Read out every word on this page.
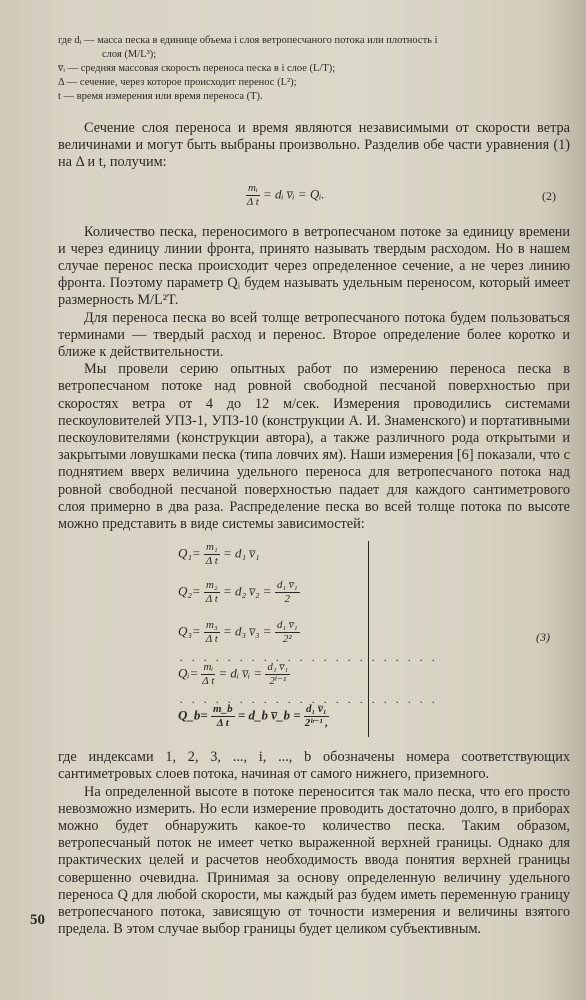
где dᵢ — масса песка в единице объема i слоя ветропесчаного потока или плотность i

слоя (M/L³);

v̅ᵢ — средняя массовая скорость переноса песка в i слое (L/T);

Δ — сечение, через которое происходит перенос (L²);

t — время измерения или время переноса (T).

Сечение слоя переноса и время являются независимыми от скорости ветра величинами и могут быть выбраны произвольно. Разделив обе части уравнения (1) на Δ и t, получим:

$\frac{\text{mᵢ}}{\text{Δ t}}$ = dᵢ v̅ᵢ = Qᵢ.	(2)

Количество песка, переносимого в ветропесчаном потоке за единицу времени и через единицу линии фронта, принято называть твердым расходом. Но в нашем случае перенос песка происходит через определенное сечение, а не через линию фронта. Поэтому параметр Qᵢ будем называть удельным переносом, который имеет размерность M/L²T.

Для переноса песка во всей толще ветропесчаного потока будем пользоваться терминами — твердый расход и перенос. Второе определение более коротко и ближе к действительности.

Мы провели серию опытных работ по измерению переноса песка в ветропесчаном потоке над ровной свободной песчаной поверхностью при скоростях ветра от 4 до 12 м/сек. Измерения проводились системами пескоуловителей УПЗ-1, УПЗ-10 (конструкции А. И. Знаменского) и портативными пескоуловителями (конструкции автора), а также различного рода открытыми и закрытыми ловушками песка (типа ловчих ям). Наши измерения [6] показали, что с поднятием вверх величина удельного переноса для ветропесчаного потока над ровной свободной песчаной поверхностью падает для каждого сантиметрового слоя примерно в два раза. Распределение песка во всей толще потока по высоте можно представить в виде системы зависимостей:

$Q_1= \frac{\text{m₁}}{\text{Δ t}} = d_1$ v̅₁
$Q_2= \frac{\text{m₂}}{\text{Δ t}} = d_2$ v̅₂ = $\frac{\text{d₁ v̅₁}}{2}$
$Q_3= \frac{\text{m₃}}{\text{Δ t}} = d_3$ v̅₃ = $\frac{\text{d₁ v̅₁}}{\text{2²}}$
. . . . . . . . . . . . . . . . . . . . . .
Qᵢ= $\frac{\text{mᵢ}}{\text{Δ t}}$ = dᵢ v̅ᵢ = $\frac{\text{d₁ v̅₁}}{\text{2ⁱ⁻¹}}$
. . . . . . . . . . . . . . . . . . . . . .
Q_b= $\frac{m\_b}{\text{Δ t}}$ = d_b v̅_b = $\frac{\text{d₁ v̅₁}}{\text{2ᵇ⁻¹ ,}}$
(3)

где индексами 1, 2, 3, ..., i, ..., b обозначены номера соответствующих сантиметровых слоев потока, начиная от самого нижнего, приземного.

На определенной высоте в потоке переносится так мало песка, что его просто невозможно измерить. Но если измерение проводить достаточно долго, в приборах можно будет обнаружить какое-то количество песка. Таким образом, ветропесчаный поток не имеет четко выраженной верхней границы. Однако для практических целей и расчетов необходимость ввода понятия верхней границы совершенно очевидна. Принимая за основу определенную величину удельного переноса Q для любой скорости, мы каждый раз будем иметь переменную границу ветропесчаного потока, зависящую от точности измерения и величины взятого предела. В этом случае выбор границы будет целиком субъективным.

50
